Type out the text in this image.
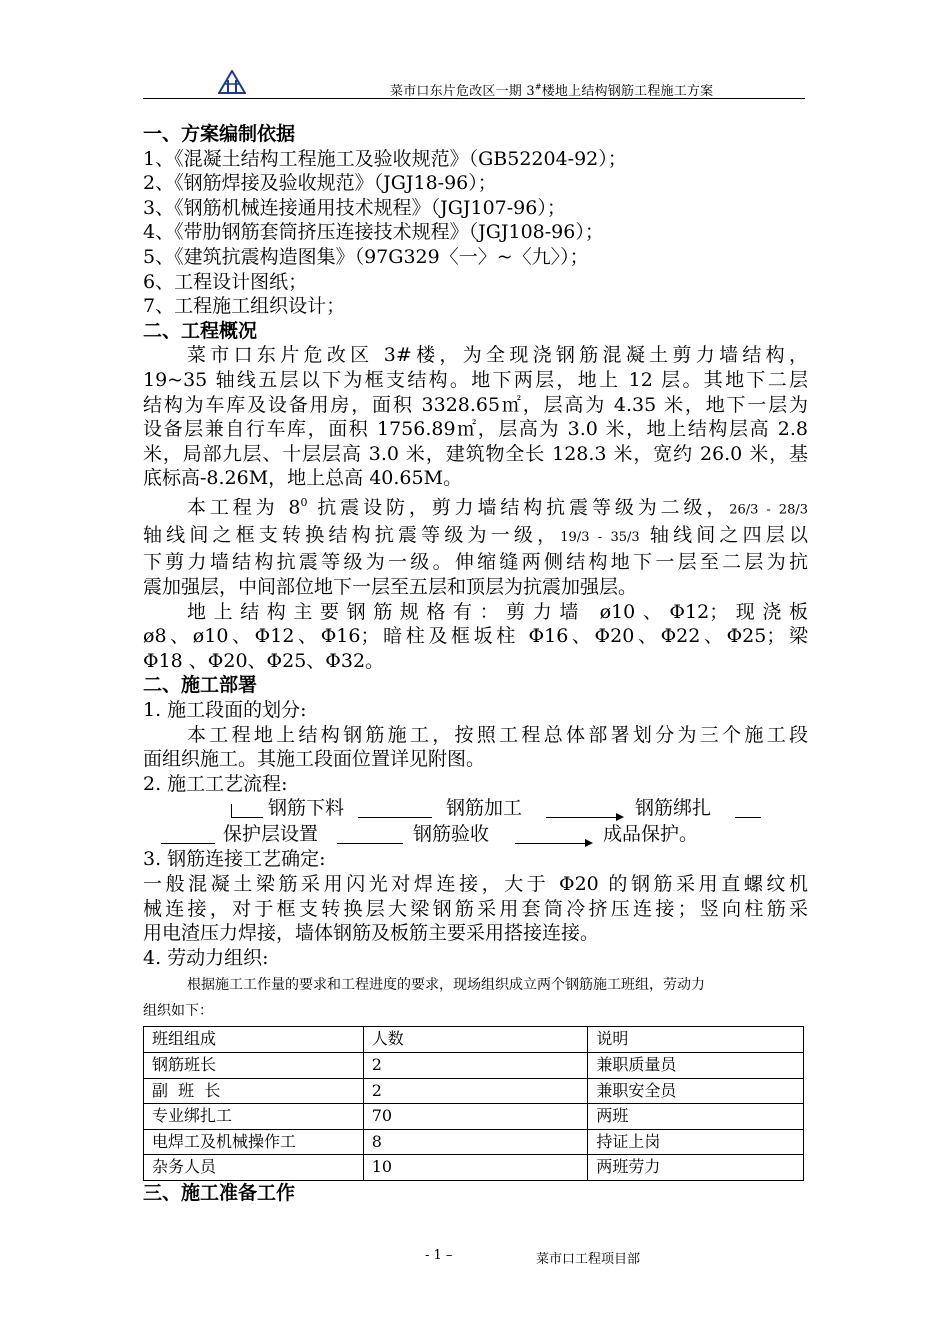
菜市口东片危改区一期 3#楼地上结构钢筋工程施工方案

一、方案编制依据

1、《混凝土结构工程施工及验收规范》（GB52204-92）；

2、《钢筋焊接及验收规范》（JGJ18-96）；

3、《钢筋机械连接通用技术规程》（JGJ107-96）；

4、《带肋钢筋套筒挤压连接技术规程》（JGJ108-96）；

5、《建筑抗震构造图集》（97G329〈一〉~〈九〉）；

6、工程设计图纸；

7、工程施工组织设计；

二、工程概况

菜市口东片危改区 3#楼，为全现浇钢筋混凝土剪力墙结构，

19~35 轴线五层以下为框支结构。地下两层，地上 12 层。其地下二层

结构为车库及设备用房，面积 3328.65㎡，层高为 4.35 米，地下一层为

设备层兼自行车库，面积 1756.89㎡，层高为 3.0 米，地上结构层高 2.8

米，局部九层、十层层高 3.0 米，建筑物全长 128.3 米，宽约 26.0 米，基

底标高-8.26M，地上总高 40.65M。

本工程为 $8^0$ 抗震设防，剪力墙结构抗震等级为二级，26/3 - 28/3

轴线间之框支转换结构抗震等级为一级，19/3 - 35/3 轴线间之四层以

下剪力墙结构抗震等级为一级。伸缩缝两侧结构地下一层至二层为抗

震加强层，中间部位地下一层至五层和顶层为抗震加强层。

地上结构主要钢筋规格有：剪力墙 ø10、Φ12；现浇板

ø8、ø10、Φ12、Φ16；暗柱及框坂柱 Φ16、Φ20、Φ22、Φ25；梁

Φ18 、Φ20、Φ25、Φ32。

二、施工部署

1. 施工段面的划分:

本工程地上结构钢筋施工，按照工程总体部署划分为三个施工段

面组织施工。其施工段面位置详见附图。

2. 施工工艺流程:

钢筋下料	钢筋加工	钢筋绑扎
保护层设置	钢筋验收	成品保护。

3. 钢筋连接工艺确定:

一般混凝土梁筋采用闪光对焊连接，大于 Φ20 的钢筋采用直螺纹机

械连接，对于框支转换层大梁钢筋采用套筒冷挤压连接；竖向柱筋采

用电渣压力焊接，墙体钢筋及板筋主要采用搭接连接。

4. 劳动力组织:

根据施工工作量的要求和工程进度的要求，现场组织成立两个钢筋施工班组，劳动力
组织如下：
班组组成	人数	说明
钢筋班长	2	兼职质量员
副  班  长	2	兼职安全员
专业绑扎工	70	两班
电焊工及机械操作工	8	持证上岗
杂务人员	10	两班劳力

三、施工准备工作

- 1 –	菜市口工程项目部
